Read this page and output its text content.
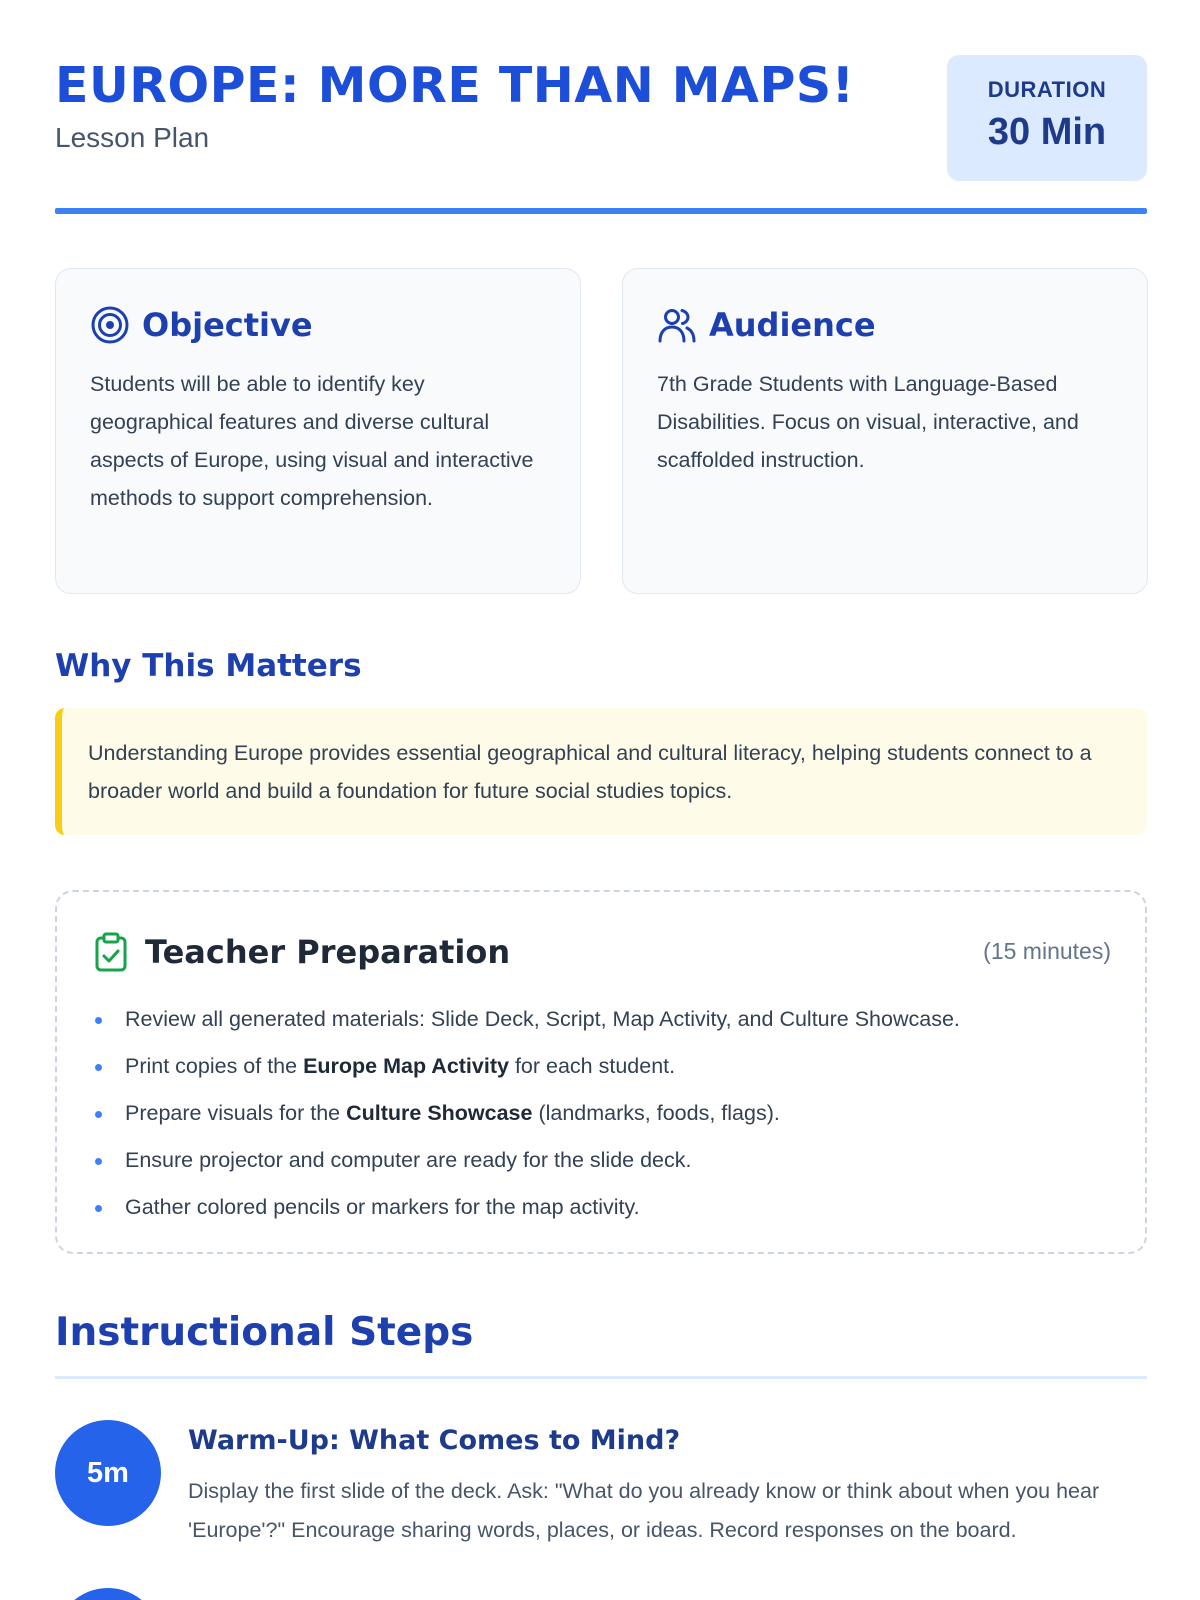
EUROPE: MORE THAN MAPS!
Lesson Plan
DURATION
30 Min
Objective

Students will be able to identify key geographical features and diverse cultural aspects of Europe, using visual and interactive methods to support comprehension.

Audience

7th Grade Students with Language-Based Disabilities. Focus on visual, interactive, and scaffolded instruction.

Why This Matters
Understanding Europe provides essential geographical and cultural literacy, helping students connect to a broader world and build a foundation for future social studies topics.
Teacher Preparation	(15 minutes)
Review all generated materials: Slide Deck, Script, Map Activity, and Culture Showcase.
Print copies of the Europe Map Activity for each student.
Prepare visuals for the Culture Showcase (landmarks, foods, flags).
Ensure projector and computer are ready for the slide deck.
Gather colored pencils or markers for the map activity.
Instructional Steps
5m
Warm-Up: What Comes to Mind?

Display the first slide of the deck. Ask: "What do you already know or think about when you hear 'Europe'?" Encourage sharing words, places, or ideas. Record responses on the board.
